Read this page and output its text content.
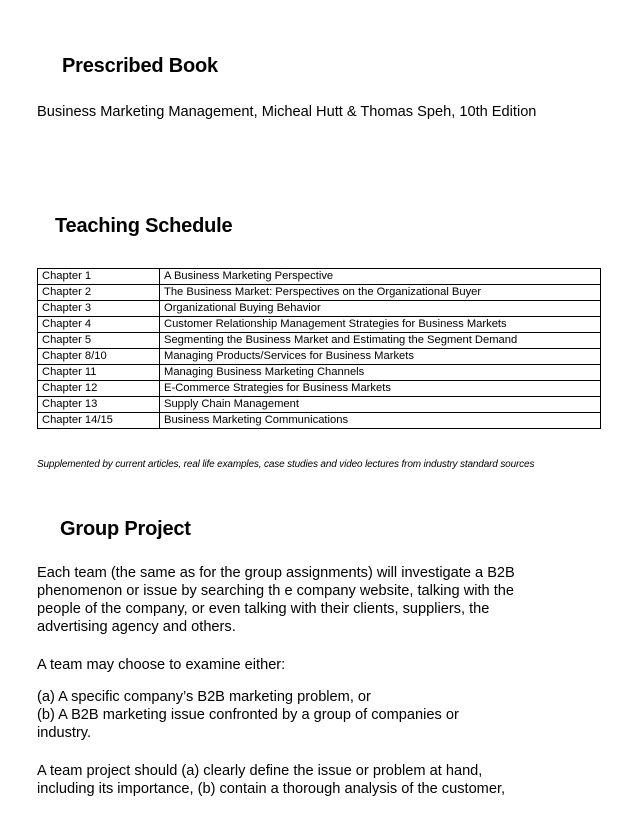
Prescribed Book

Business Marketing Management, Micheal Hutt & Thomas Speh, 10th Edition

Teaching Schedule
Chapter 1	A Business Marketing Perspective
Chapter 2	The Business Market: Perspectives on the Organizational Buyer
Chapter 3	Organizational Buying Behavior
Chapter 4	Customer Relationship Management Strategies for Business Markets
Chapter 5	Segmenting the Business Market and Estimating the Segment Demand
Chapter 8/10	Managing Products/Services for Business Markets
Chapter 11	Managing Business Marketing Channels
Chapter 12	E-Commerce Strategies for Business Markets
Chapter 13	Supply Chain Management
Chapter 14/15	Business Marketing Communications

Supplemented by current articles, real life examples, case studies and video lectures from industry standard sources

Group Project
Each team (the same as for the group assignments) will investigate a B2B
phenomenon or issue by searching th e company website, talking with the
people of the company, or even talking with their clients, suppliers, the
advertising agency and others.

A team may choose to examine either:

(a) A specific company’s B2B marketing problem, or
(b) A B2B marketing issue confronted by a group of companies or
industry.
A team project should (a) clearly define the issue or problem at hand,
including its importance, (b) contain a thorough analysis of the customer,
